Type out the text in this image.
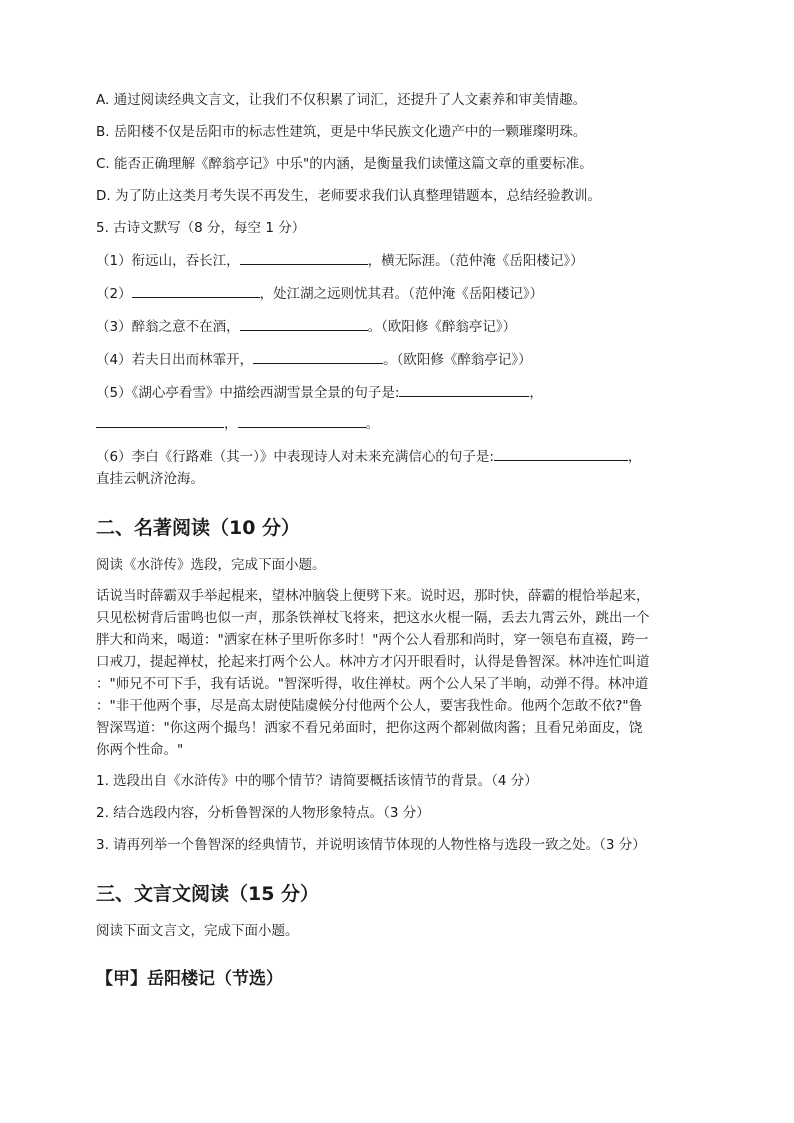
A. 通过阅读经典文言文，让我们不仅积累了词汇，还提升了人文素养和审美情趣。

B. 岳阳楼不仅是岳阳市的标志性建筑，更是中华民族文化遗产中的一颗璀璨明珠。

C. 能否正确理解《醉翁亭记》中乐"的内涵，是衡量我们读懂这篇文章的重要标准。

D. 为了防止这类月考失误不再发生，老师要求我们认真整理错题本，总结经验教训。

5. 古诗文默写（8 分，每空 1 分）

（1）衔远山，吞长江，	，横无际涯。（范仲淹《岳阳楼记》）

（2）	，处江湖之远则忧其君。（范仲淹《岳阳楼记》）

（3）醉翁之意不在酒，	。（欧阳修《醉翁亭记》）

（4）若夫日出而林霏开，	。（欧阳修《醉翁亭记》）

（5）《湖心亭看雪》中描绘西湖雪景全景的句子是:	，

，	。

（6）李白《行路难（其一）》中表现诗人对未来充满信心的句子是:	，

直挂云帆济沧海。

二、名著阅读（10 分）

阅读《水浒传》选段，完成下面小题。

话说当时薛霸双手举起棍来，望林冲脑袋上便劈下来。说时迟，那时快，薛霸的棍恰举起来，

只见松树背后雷鸣也似一声，那条铁禅杖飞将来，把这水火棍一隔，丢去九霄云外，跳出一个

胖大和尚来，喝道："洒家在林子里听你多时！"两个公人看那和尚时，穿一领皂布直裰，跨一

口戒刀，提起禅杖，抡起来打两个公人。林冲方才闪开眼看时，认得是鲁智深。林冲连忙叫道

："师兄不可下手，我有话说。"智深听得，收住禅杖。两个公人呆了半晌，动弹不得。林冲道

："非干他两个事，尽是高太尉使陆虞候分付他两个公人，要害我性命。他两个怎敢不依?"鲁

智深骂道："你这两个撮鸟！洒家不看兄弟面时，把你这两个都剁做肉酱；且看兄弟面皮，饶

你两个性命。"

1. 选段出自《水浒传》中的哪个情节？请简要概括该情节的背景。（4 分）

2. 结合选段内容，分析鲁智深的人物形象特点。（3 分）

3. 请再列举一个鲁智深的经典情节，并说明该情节体现的人物性格与选段一致之处。（3 分）

三、文言文阅读（15 分）

阅读下面文言文，完成下面小题。

【甲】岳阳楼记（节选）
